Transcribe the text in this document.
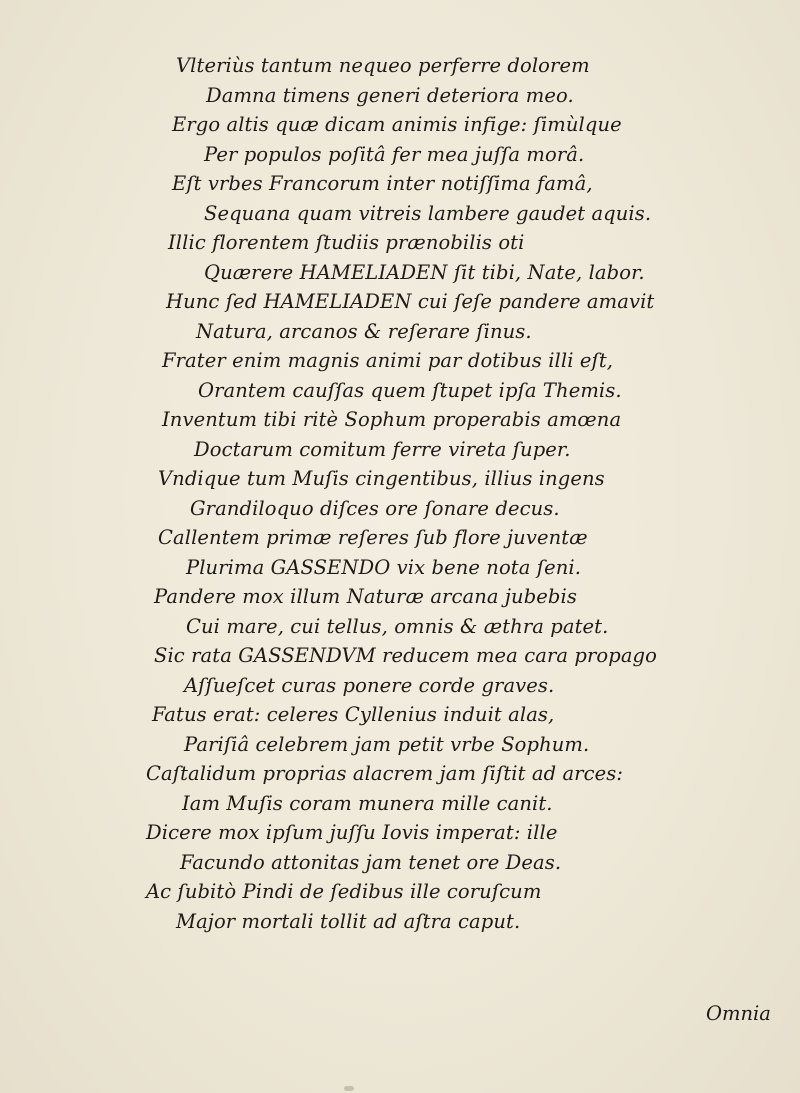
Vlteriùs tantum nequeo perferre dolorem
Damna timens generi deteriora meo.
Ergo altis quæ dicam animis infige: ſimùlque
Per populos poſitâ fer mea juſſa morâ.
Eſt vrbes Francorum inter notiſſima famâ,
Sequana quam vitreis lambere gaudet aquis.
Illic florentem ſtudiis prænobilis oti
Quærere HAMELIADEN ſit tibi, Nate, labor.
Hunc ſed HAMELIADEN cui ſeſe pandere amavit
Natura, arcanos & reſerare ſinus.
Frater enim magnis animi par dotibus illi eſt,
Orantem cauſſas quem ſtupet ipſa Themis.
Inventum tibi ritè Sophum properabis amœna
Doctarum comitum ferre vireta ſuper.
Vndique tum Muſis cingentibus, illius ingens
Grandiloquo diſces ore ſonare decus.
Callentem primæ reſeres ſub flore juventæ
Plurima GASSENDO vix bene nota ſeni.
Pandere mox illum Naturæ arcana jubebis
Cui mare, cui tellus, omnis & æthra patet.
Sic rata GASSENDVM reducem mea cara propago
Aſſueſcet curas ponere corde graves.
Fatus erat: celeres Cyllenius induit alas,
Pariſiâ celebrem jam petit vrbe Sophum.
Caſtalidum proprias alacrem jam ſiſtit ad arces:
Iam Muſis coram munera mille canit.
Dicere mox ipſum juſſu Iovis imperat: ille
Facundo attonitas jam tenet ore Deas.
Ac ſubitò Pindi de ſedibus ille coruſcum
Major mortali tollit ad aſtra caput.
Omnia
